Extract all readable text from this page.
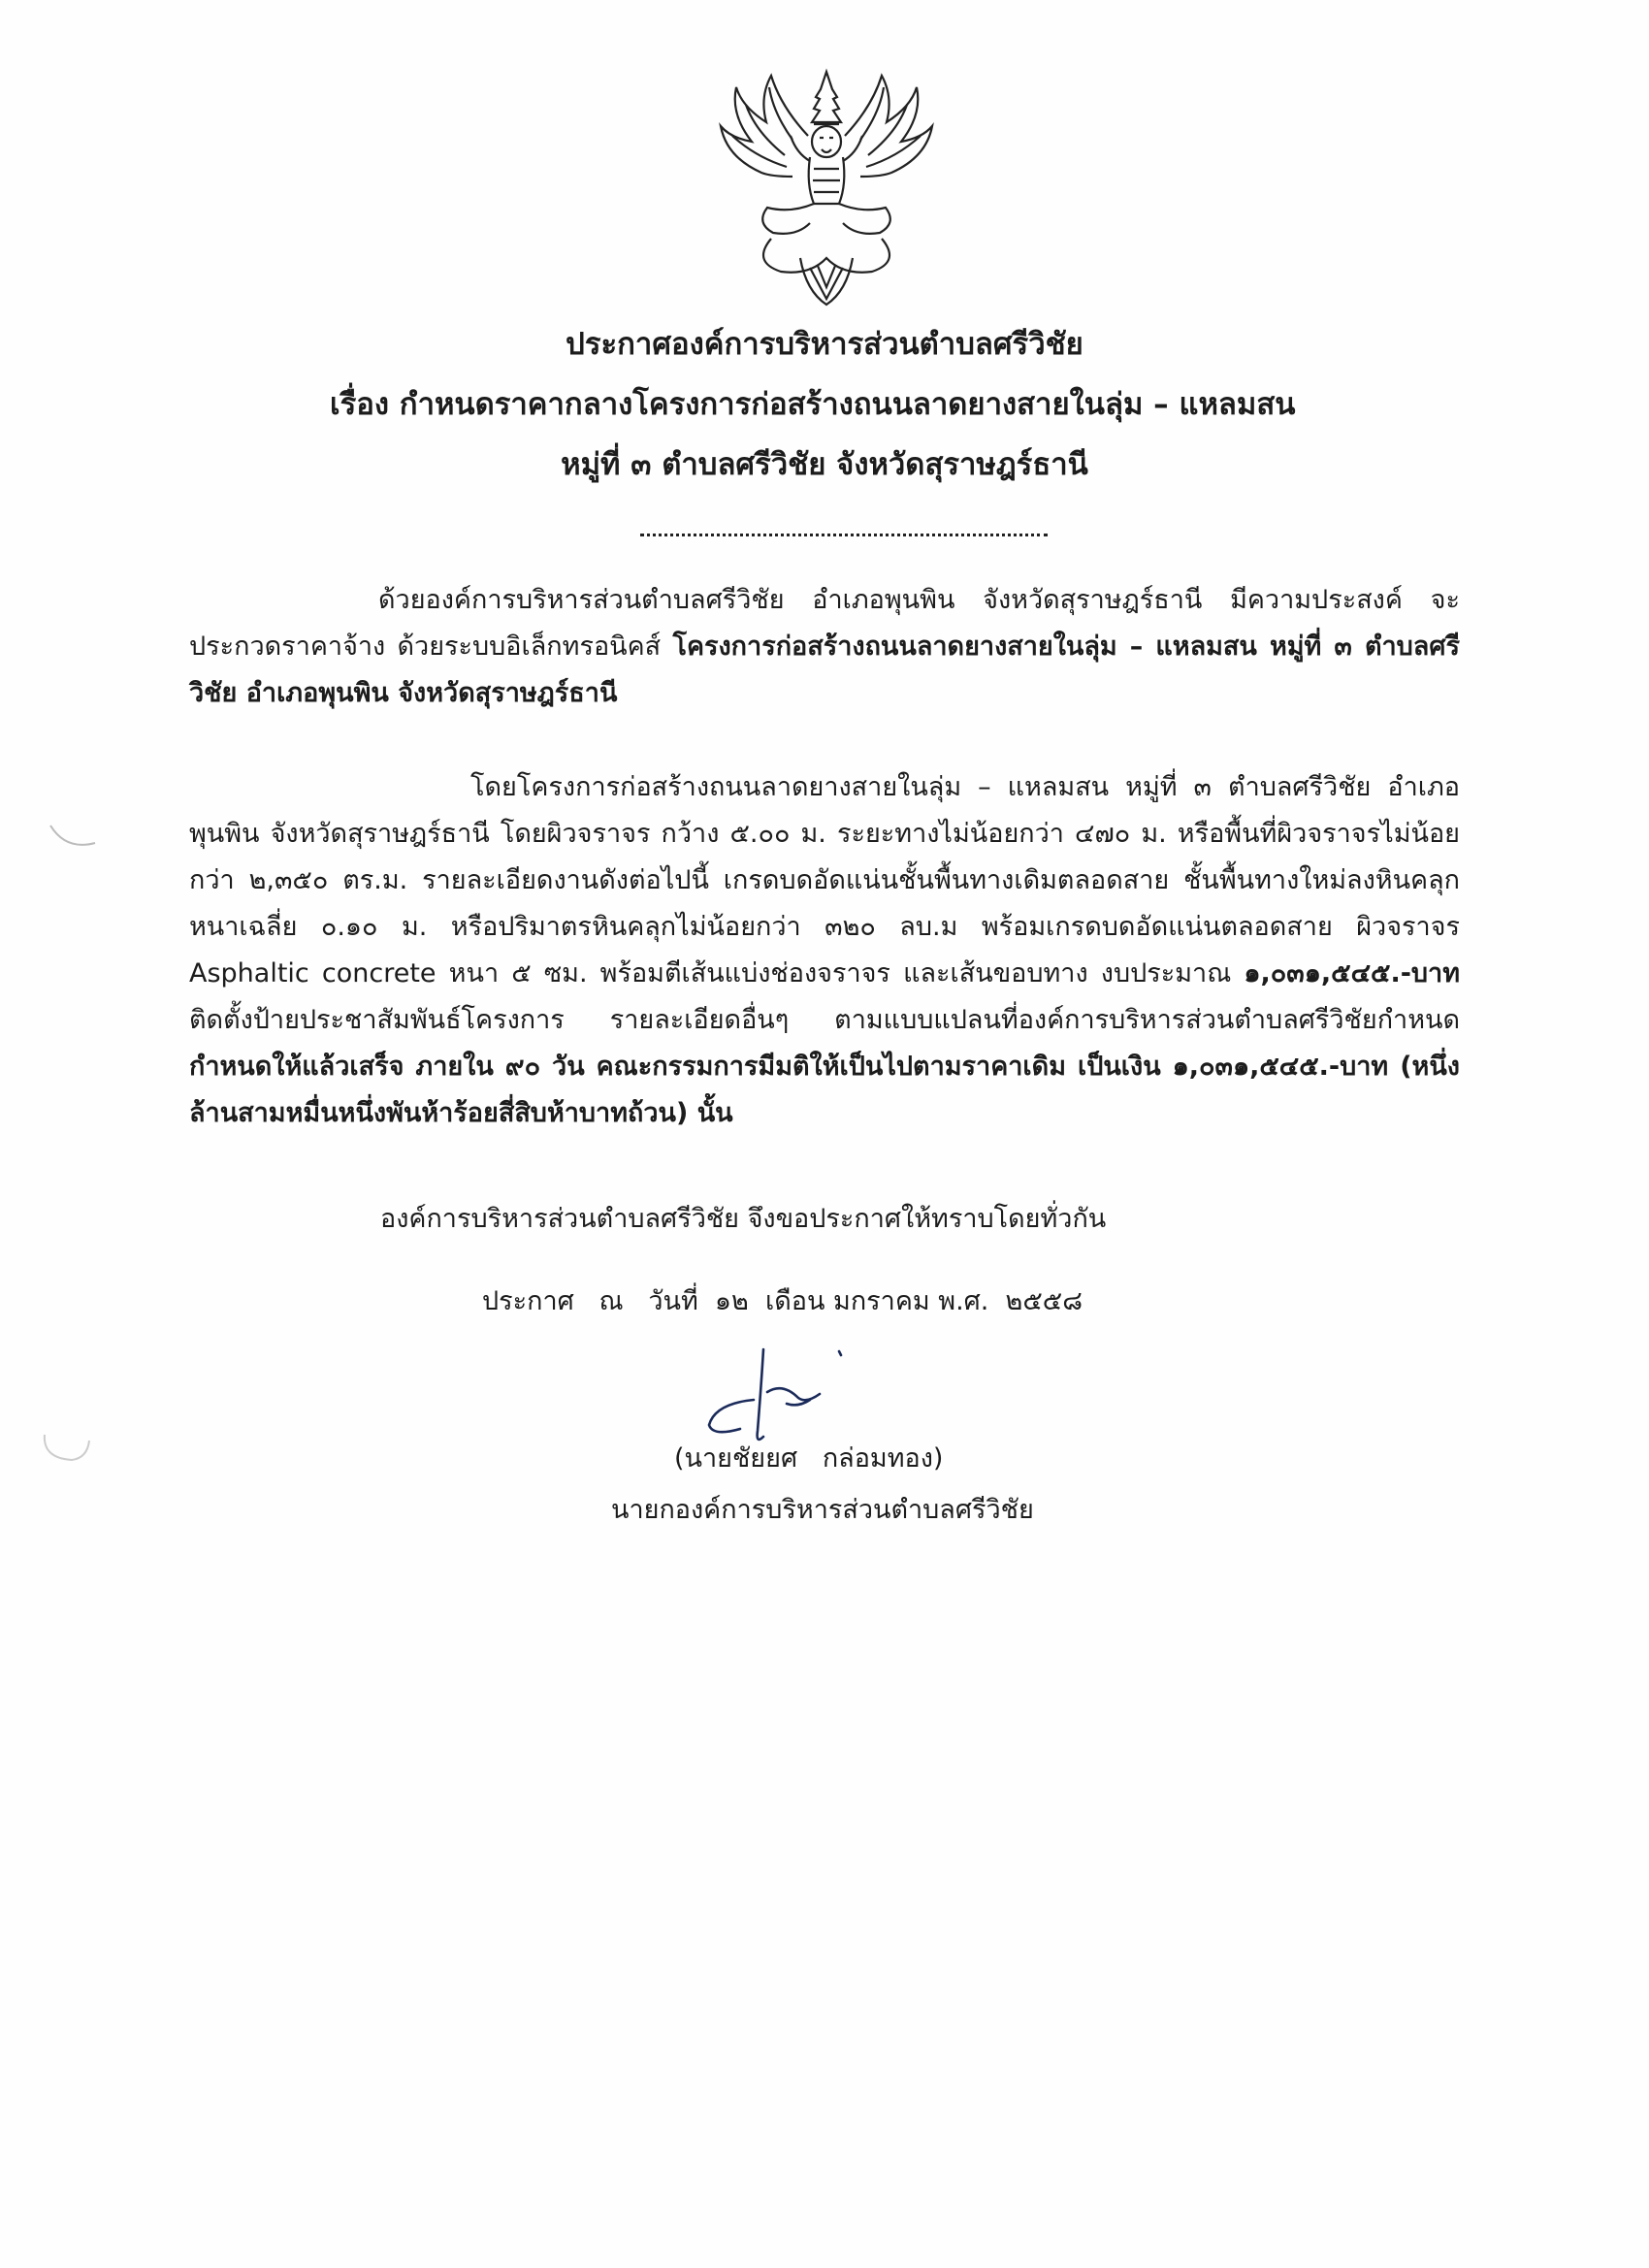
ประกาศองค์การบริหารส่วนตำบลศรีวิชัย
เรื่อง กำหนดราคากลางโครงการก่อสร้างถนนลาดยางสายในลุ่ม – แหลมสน
หมู่ที่ ๓ ตำบลศรีวิชัย จังหวัดสุราษฎร์ธานี
ด้วยองค์การบริหารส่วนตำบลศรีวิชัย อำเภอพุนพิน จังหวัดสุราษฎร์ธานี มีความประสงค์ จะประกวดราคาจ้าง ด้วยระบบอิเล็กทรอนิคส์ โครงการก่อสร้างถนนลาดยางสายในลุ่ม – แหลมสน หมู่ที่ ๓ ตำบลศรีวิชัย อำเภอพุนพิน จังหวัดสุราษฎร์ธานี
โดยโครงการก่อสร้างถนนลาดยางสายในลุ่ม – แหลมสน หมู่ที่ ๓ ตำบลศรีวิชัย อำเภอพุนพิน จังหวัดสุราษฎร์ธานี โดยผิวจราจร กว้าง ๕.๐๐ ม. ระยะทางไม่น้อยกว่า ๔๗๐ ม. หรือพื้นที่ผิวจราจรไม่น้อยกว่า ๒,๓๕๐ ตร.ม. รายละเอียดงานดังต่อไปนี้ เกรดบดอัดแน่นชั้นพื้นทางเดิมตลอดสาย ชั้นพื้นทางใหม่ลงหินคลุก หนาเฉลี่ย ๐.๑๐ ม. หรือปริมาตรหินคลุกไม่น้อยกว่า ๓๒๐ ลบ.ม พร้อมเกรดบดอัดแน่นตลอดสาย ผิวจราจร Asphaltic concrete หนา ๕ ซม. พร้อมตีเส้นแบ่งช่องจราจร และเส้นขอบทาง งบประมาณ ๑,๐๓๑,๕๔๕.-บาท ติดตั้งป้ายประชาสัมพันธ์โครงการ รายละเอียดอื่นๆ ตามแบบแปลนที่องค์การบริหารส่วนตำบลศรีวิชัยกำหนด กำหนดให้แล้วเสร็จ ภายใน ๙๐ วัน คณะกรรมการมีมติให้เป็นไปตามราคาเดิม เป็นเงิน ๑,๐๓๑,๕๔๕.-บาท (หนึ่งล้านสามหมื่นหนึ่งพันห้าร้อยสี่สิบห้าบาทถ้วน) นั้น
องค์การบริหารส่วนตำบลศรีวิชัย จึงขอประกาศให้ทราบโดยทั่วกัน
ประกาศ   ณ   วันที่  ๑๒  เดือน มกราคม พ.ศ.  ๒๕๕๘
(นายชัยยศ   กล่อมทอง)
นายกองค์การบริหารส่วนตำบลศรีวิชัย
